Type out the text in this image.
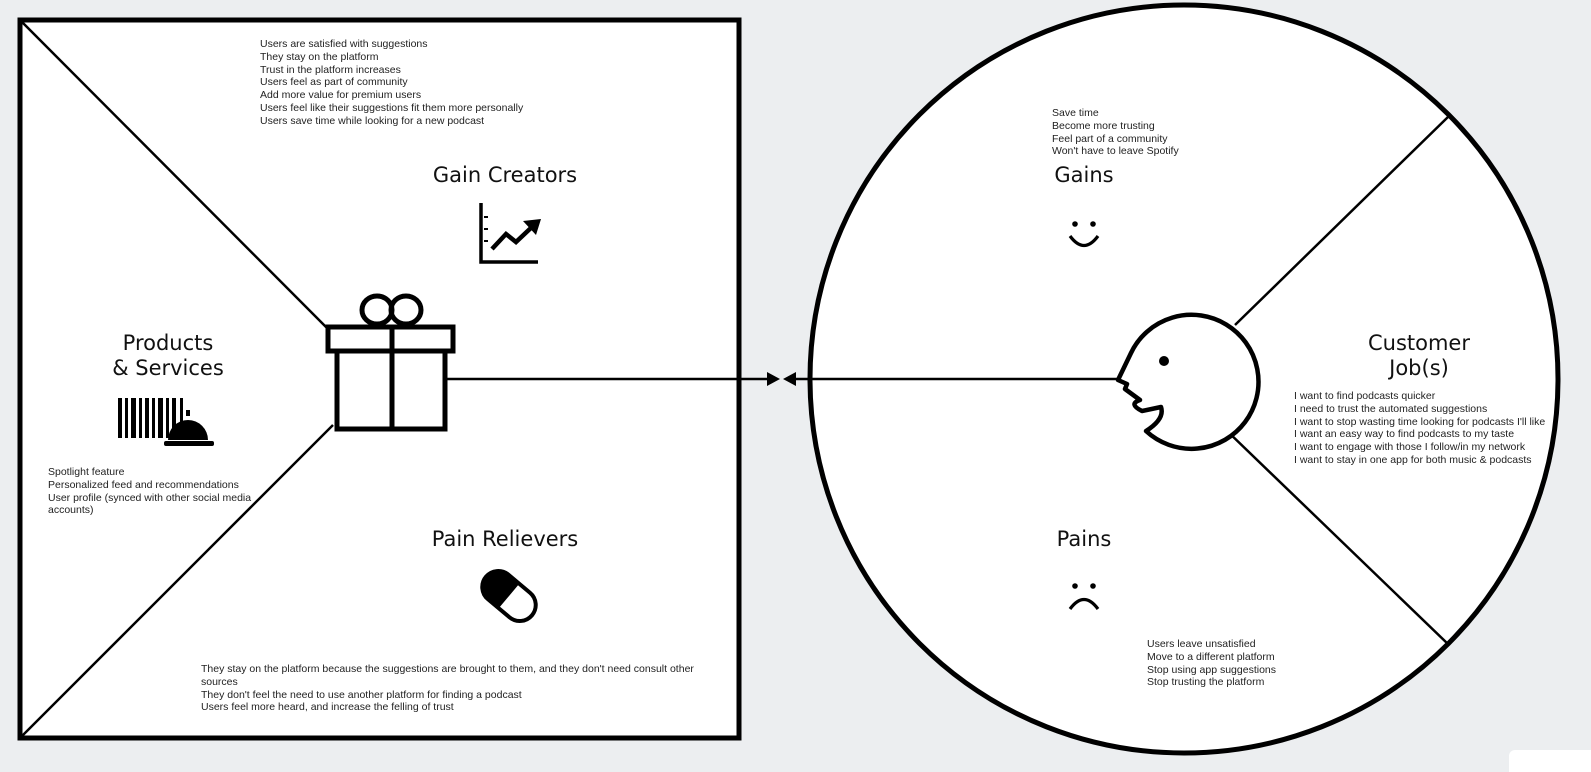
Gain Creators
Products
& Services
Pain Relievers
Gains
Customer
Job(s)
Pains
Users are satisfied with suggestions
They stay on the platform
Trust in the platform increases
Users feel as part of community
Add more value for premium users
Users feel like their suggestions fit them more personally
Users save time while looking for a new podcast
Spotlight feature
Personalized feed and recommendations
User profile (synced with other social media accounts)
They stay on the platform because the suggestions are brought to them, and they don't need consult other sources
They don't feel the need to use another platform for finding a podcast
Users feel more heard, and increase the felling of trust
Save time
Become more trusting
Feel part of a community
Won't have to leave Spotify
I want to find podcasts quicker
I need to trust the automated suggestions
I want to stop wasting time looking for podcasts I'll like
I want an easy way to find podcasts to my taste
I want to engage with those I follow/in my network
I want to stay in one app for both music & podcasts
Users leave unsatisfied
Move to a different platform
Stop using app suggestions
Stop trusting the platform
